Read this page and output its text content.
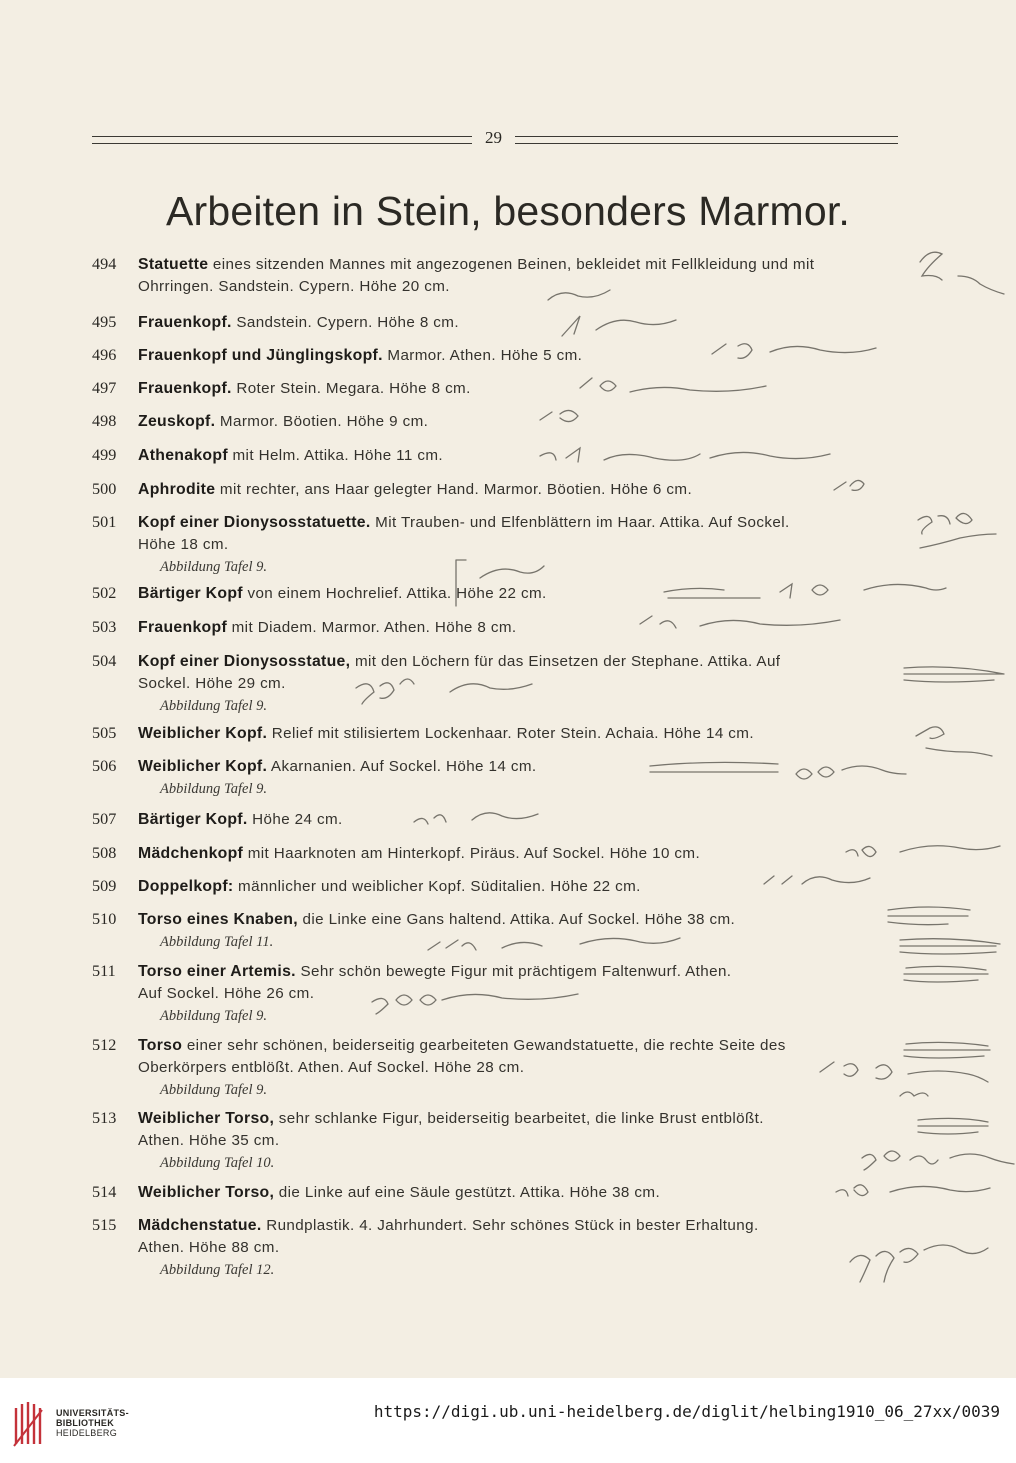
29
Arbeiten in Stein, besonders Marmor.
494	Statuette eines sitzenden Mannes mit angezogenen Beinen, bekleidet mit Fellkleidung und mit
Ohrringen. Sandstein. Cypern. Höhe 20 cm.
495	Frauenkopf. Sandstein. Cypern. Höhe 8 cm.
496	Frauenkopf und Jünglingskopf. Marmor. Athen. Höhe 5 cm.
497	Frauenkopf. Roter Stein. Megara. Höhe 8 cm.
498	Zeuskopf. Marmor. Böotien. Höhe 9 cm.
499	Athenakopf mit Helm. Attika. Höhe 11 cm.
500	Aphrodite mit rechter, ans Haar gelegter Hand. Marmor. Böotien. Höhe 6 cm.
501	Kopf einer Dionysosstatuette. Mit Trauben- und Elfenblättern im Haar. Attika. Auf Sockel.
Höhe 18 cm.
Abbildung Tafel 9.
502	Bärtiger Kopf von einem Hochrelief. Attika. Höhe 22 cm.
503	Frauenkopf mit Diadem. Marmor. Athen. Höhe 8 cm.
504	Kopf einer Dionysosstatue, mit den Löchern für das Einsetzen der Stephane. Attika. Auf
Sockel. Höhe 29 cm.
Abbildung Tafel 9.
505	Weiblicher Kopf. Relief mit stilisiertem Lockenhaar. Roter Stein. Achaia. Höhe 14 cm.
506	Weiblicher Kopf. Akarnanien. Auf Sockel. Höhe 14 cm.
Abbildung Tafel 9.
507	Bärtiger Kopf. Höhe 24 cm.
508	Mädchenkopf mit Haarknoten am Hinterkopf. Piräus. Auf Sockel. Höhe 10 cm.
509	Doppelkopf: männlicher und weiblicher Kopf. Süditalien. Höhe 22 cm.
510	Torso eines Knaben, die Linke eine Gans haltend. Attika. Auf Sockel. Höhe 38 cm.
Abbildung Tafel 11.
511	Torso einer Artemis. Sehr schön bewegte Figur mit prächtigem Faltenwurf. Athen.
Auf Sockel. Höhe 26 cm.
Abbildung Tafel 9.
512	Torso einer sehr schönen, beiderseitig gearbeiteten Gewandstatuette, die rechte Seite des
Oberkörpers entblößt. Athen. Auf Sockel. Höhe 28 cm.
Abbildung Tafel 9.
513	Weiblicher Torso, sehr schlanke Figur, beiderseitig bearbeitet, die linke Brust entblößt.
Athen. Höhe 35 cm.
Abbildung Tafel 10.
514	Weiblicher Torso, die Linke auf eine Säule gestützt. Attika. Höhe 38 cm.
515	Mädchenstatue. Rundplastik. 4. Jahrhundert. Sehr schönes Stück in bester Erhaltung.
Athen. Höhe 88 cm.
Abbildung Tafel 12.
UNIVERSITÄTS-
BIBLIOTHEK
HEIDELBERG
https://digi.ub.uni-heidelberg.de/diglit/helbing1910_06_27xx/0039
